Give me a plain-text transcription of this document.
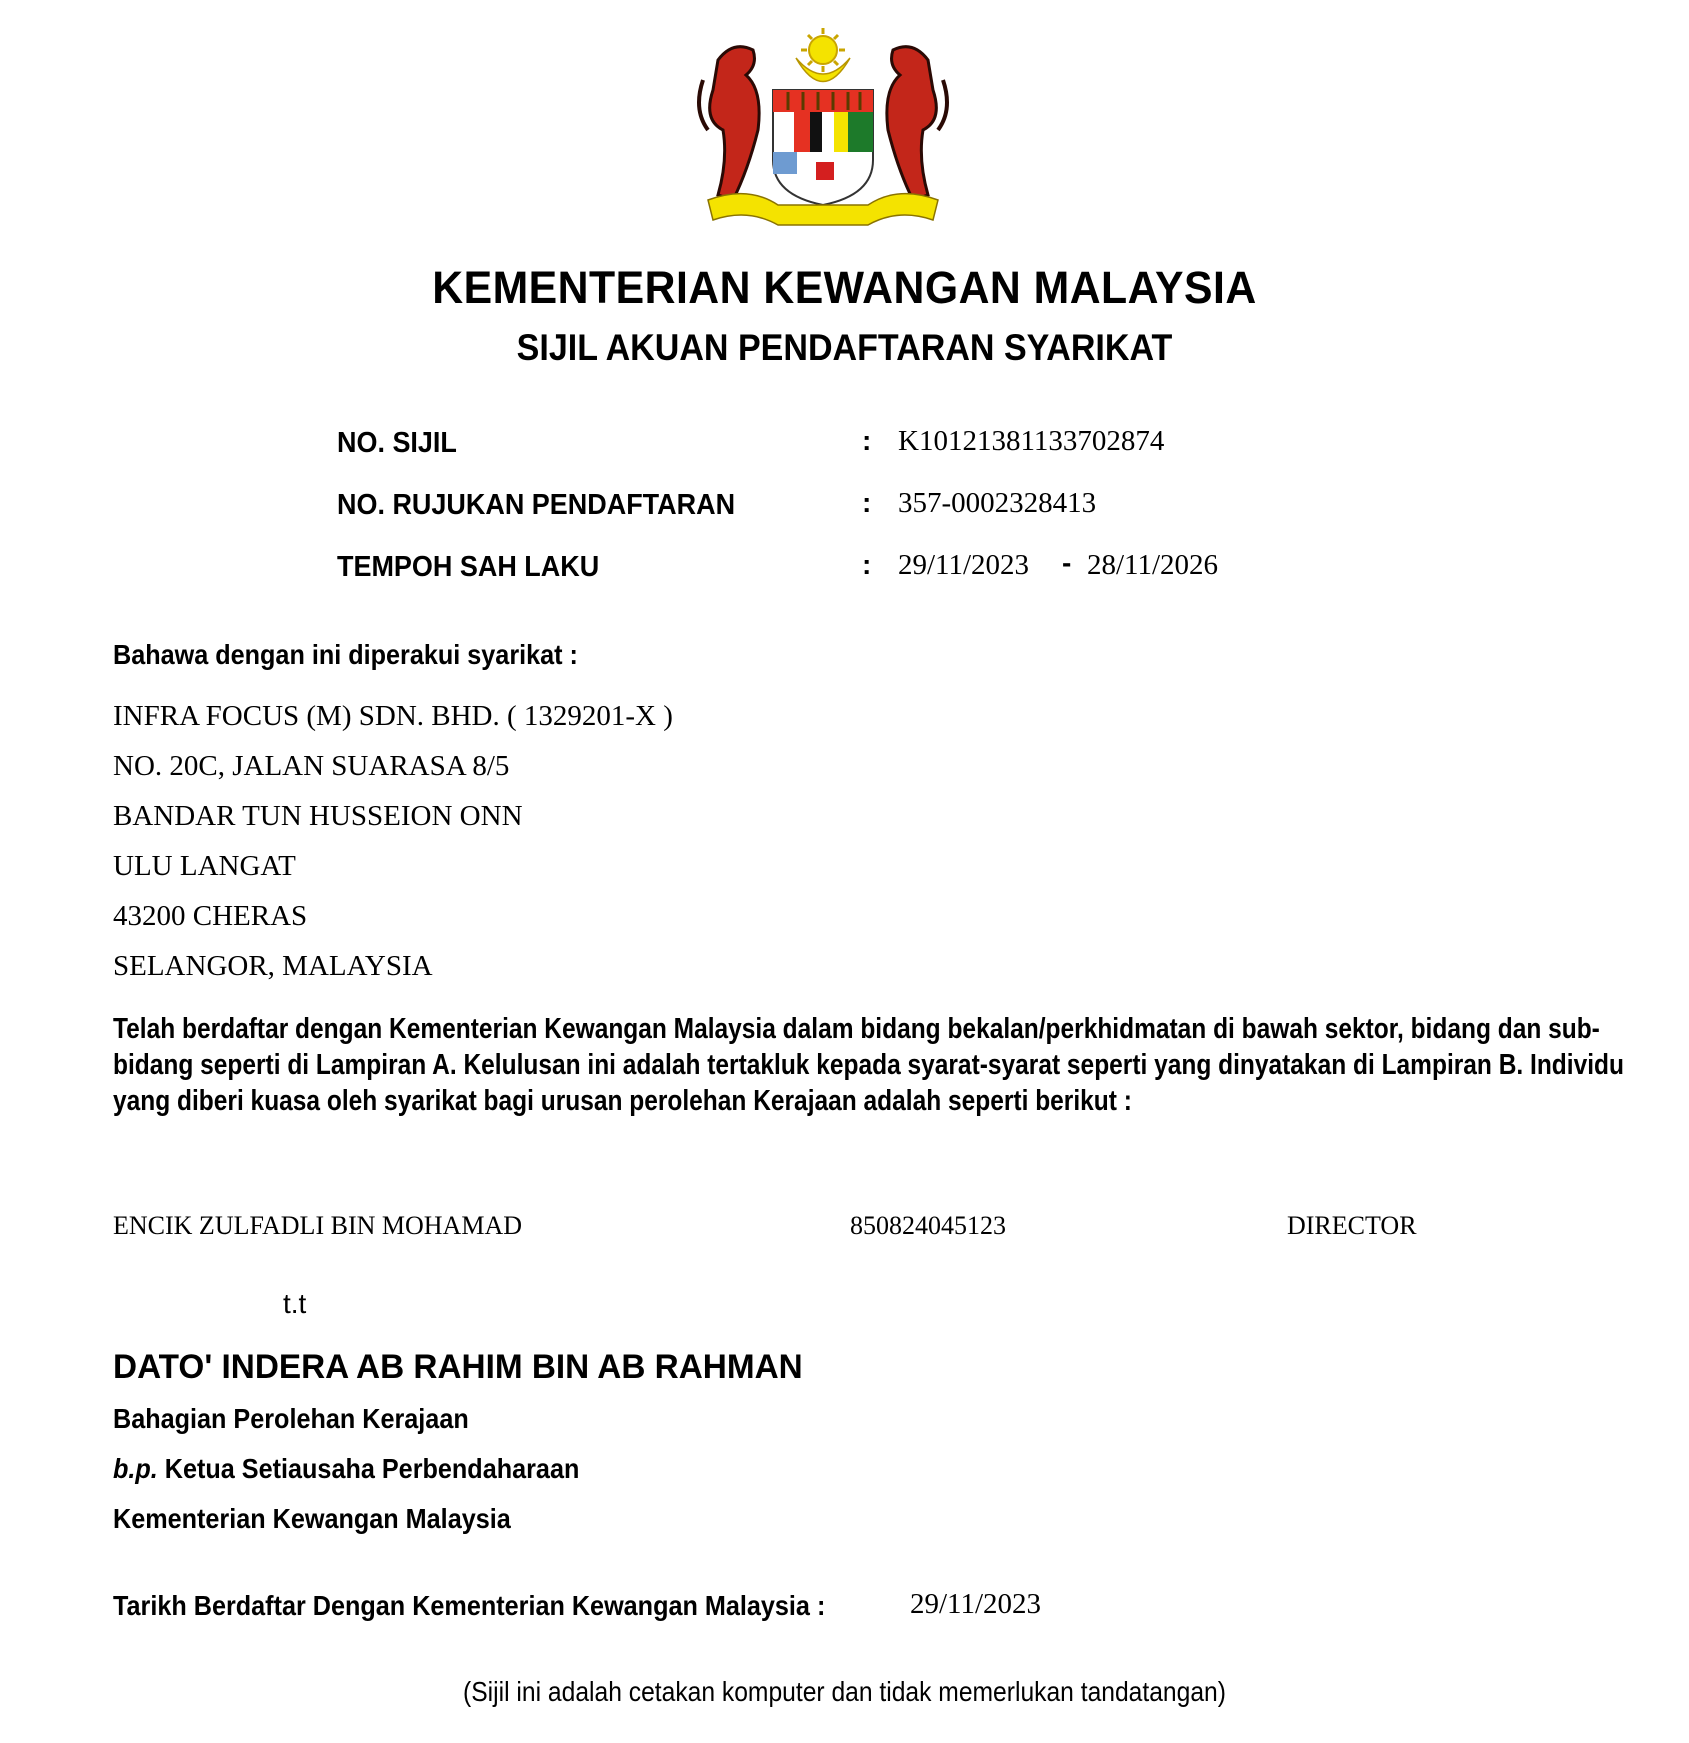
KEMENTERIAN KEWANGAN MALAYSIA
SIJIL AKUAN PENDAFTARAN SYARIKAT
NO. SIJIL	: K10121381133702874
NO. RUJUKAN PENDAFTARAN	: 357-0002328413
TEMPOH SAH LAKU	: 29/11/2023 - 28/11/2026
Bahawa dengan ini diperakui syarikat :
INFRA FOCUS (M) SDN. BHD. ( 1329201-X )
NO. 20C, JALAN SUARASA 8/5
BANDAR TUN HUSSEION ONN
ULU LANGAT
43200 CHERAS
SELANGOR, MALAYSIA
Telah berdaftar dengan Kementerian Kewangan Malaysia dalam bidang bekalan/perkhidmatan di bawah sektor, bidang dan sub-bidang seperti di Lampiran A. Kelulusan ini adalah tertakluk kepada syarat-syarat seperti yang dinyatakan di Lampiran B. Individu yang diberi kuasa oleh syarikat bagi urusan perolehan Kerajaan adalah seperti berikut :
ENCIK ZULFADLI BIN MOHAMAD	850824045123	DIRECTOR
t.t
DATO' INDERA AB RAHIM BIN AB RAHMAN
Bahagian Perolehan Kerajaan
b.p. Ketua Setiausaha Perbendaharaan
Kementerian Kewangan Malaysia
Tarikh Berdaftar Dengan Kementerian Kewangan Malaysia :	29/11/2023
(Sijil ini adalah cetakan komputer dan tidak memerlukan tandatangan)
